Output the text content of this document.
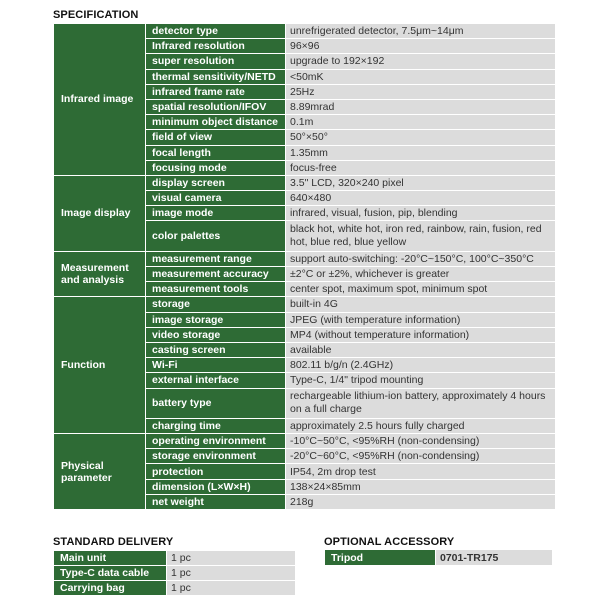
SPECIFICATION
Infrared image	detector type	unrefrigerated detector, 7.5μm~14μm
	Infrared resolution	96×96
	super resolution	upgrade to 192×192
	thermal sensitivity/NETD	<50mK
	infrared frame rate	25Hz
	spatial resolution/IFOV	8.89mrad
	minimum object distance	0.1m
	field of view	50°×50°
	focal length	1.35mm
	focusing mode	focus-free
Image display	display screen	3.5" LCD, 320×240 pixel
	visual camera	640×480
	image mode	infrared, visual, fusion, pip, blending
	color palettes	black hot, white hot, iron red, rainbow, rain, fusion, red hot, blue red, blue yellow
Measurement and analysis	measurement range	support auto-switching: -20°C~150°C, 100°C~350°C
	measurement accuracy	±2°C or ±2%, whichever is greater
	measurement tools	center spot, maximum spot, minimum spot
Function	storage	built-in 4G
	image storage	JPEG (with temperature information)
	video storage	MP4 (without temperature information)
	casting screen	available
	Wi-Fi	802.11 b/g/n (2.4GHz)
	external interface	Type-C, 1/4" tripod mounting
	battery type	rechargeable lithium-ion battery, approximately 4 hours on a full charge
	charging time	approximately 2.5 hours fully charged
Physical parameter	operating environment	-10°C~50°C, <95%RH (non-condensing)
	storage environment	-20°C~60°C, <95%RH (non-condensing)
	protection	IP54, 2m drop test
	dimension (L×W×H)	138×24×85mm
	net weight	218g
STANDARD DELIVERY
Main unit	1 pc
Type-C data cable	1 pc
Carrying bag	1 pc
OPTIONAL ACCESSORY
Tripod	0701-TR175
